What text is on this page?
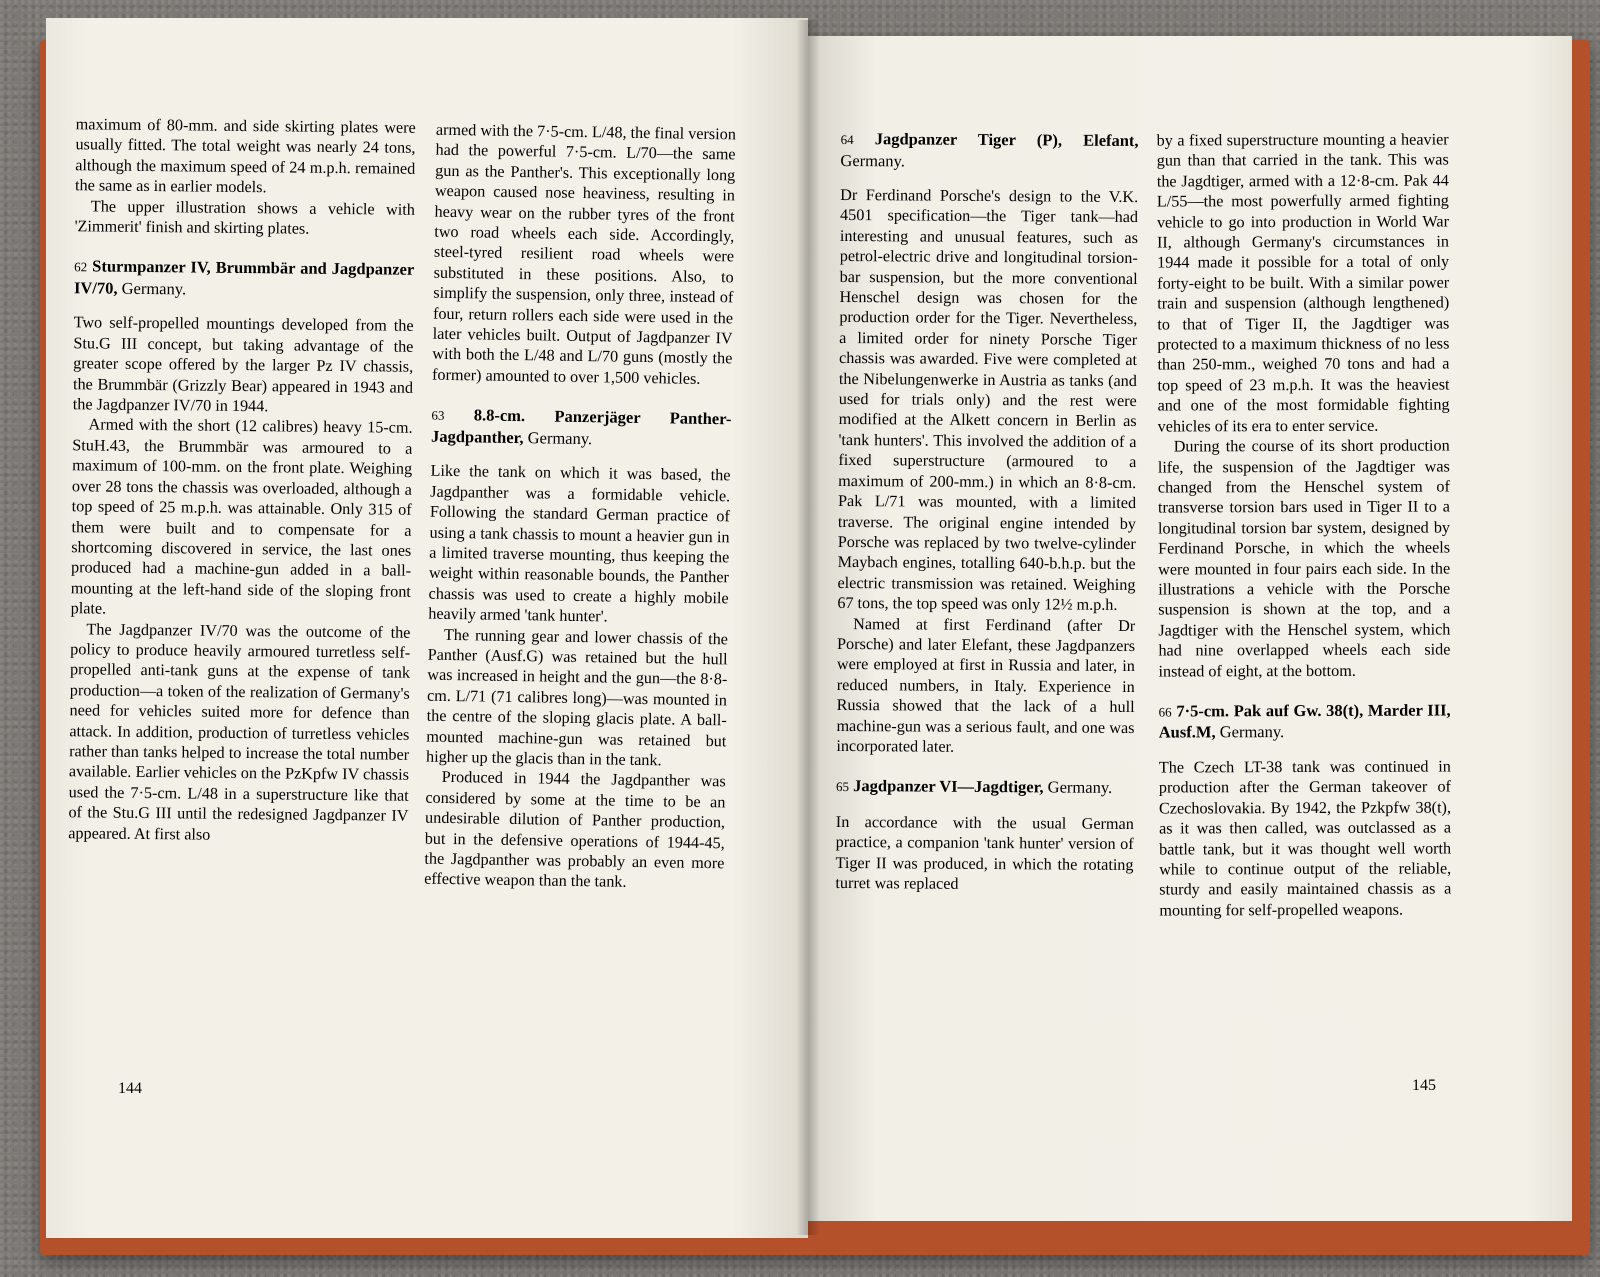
maximum of 80-mm. and side skirting plates were usually fitted. The total weight was nearly 24 tons, although the maximum speed of 24 m.p.h. remained the same as in earlier models.

The upper illustration shows a vehicle with 'Zimmerit' finish and skirting plates.

62 Sturmpanzer IV, Brummbär and Jagdpanzer IV/70, Germany.

Two self-propelled mountings developed from the Stu.G III concept, but taking advantage of the greater scope offered by the larger Pz IV chassis, the Brummbär (Grizzly Bear) appeared in 1943 and the Jagdpanzer IV/70 in 1944.

Armed with the short (12 calibres) heavy 15-cm. StuH.43, the Brummbär was armoured to a maximum of 100-mm. on the front plate. Weighing over 28 tons the chassis was overloaded, although a top speed of 25 m.p.h. was attainable. Only 315 of them were built and to compensate for a shortcoming discovered in service, the last ones produced had a machine-gun added in a ball-mounting at the left-hand side of the sloping front plate.

The Jagdpanzer IV/70 was the outcome of the policy to produce heavily armoured turretless self-propelled anti-tank guns at the expense of tank production—a token of the realization of Germany's need for vehicles suited more for defence than attack. In addition, production of turretless vehicles rather than tanks helped to increase the total number available. Earlier vehicles on the PzKpfw IV chassis used the 7·5-cm. L/48 in a superstructure like that of the Stu.G III until the redesigned Jagdpanzer IV appeared. At first also

armed with the 7·5-cm. L/48, the final version had the powerful 7·5-cm. L/70—the same gun as the Panther's. This exceptionally long weapon caused nose heaviness, resulting in heavy wear on the rubber tyres of the front two road wheels each side. Accordingly, steel-tyred resilient road wheels were substituted in these positions. Also, to simplify the suspension, only three, instead of four, return rollers each side were used in the later vehicles built. Output of Jagdpanzer IV with both the L/48 and L/70 guns (mostly the former) amounted to over 1,500 vehicles.

63 8.8-cm. Panzerjäger Panther-Jagdpanther, Germany.

Like the tank on which it was based, the Jagdpanther was a formidable vehicle. Following the standard German practice of using a tank chassis to mount a heavier gun in a limited traverse mounting, thus keeping the weight within reasonable bounds, the Panther chassis was used to create a highly mobile heavily armed 'tank hunter'.

The running gear and lower chassis of the Panther (Ausf.G) was retained but the hull was increased in height and the gun—the 8·8-cm. L/71 (71 calibres long)—was mounted in the centre of the sloping glacis plate. A ball-mounted machine-gun was retained but higher up the glacis than in the tank.

Produced in 1944 the Jagdpanther was considered by some at the time to be an undesirable dilution of Panther production, but in the defensive operations of 1944-45, the Jagdpanther was probably an even more effective weapon than the tank.

64 Jagdpanzer Tiger (P), Elefant, Germany.

Dr Ferdinand Porsche's design to the V.K. 4501 specification—the Tiger tank—had interesting and unusual features, such as petrol-electric drive and longitudinal torsion-bar suspension, but the more conventional Henschel design was chosen for the production order for the Tiger. Nevertheless, a limited order for ninety Porsche Tiger chassis was awarded. Five were completed at the Nibelungenwerke in Austria as tanks (and used for trials only) and the rest were modified at the Alkett concern in Berlin as 'tank hunters'. This involved the addition of a fixed superstructure (armoured to a maximum of 200-mm.) in which an 8·8-cm. Pak L/71 was mounted, with a limited traverse. The original engine intended by Porsche was replaced by two twelve-cylinder Maybach engines, totalling 640-b.h.p. but the electric transmission was retained. Weighing 67 tons, the top speed was only 12½ m.p.h.

Named at first Ferdinand (after Dr Porsche) and later Elefant, these Jagdpanzers were employed at first in Russia and later, in reduced numbers, in Italy. Experience in Russia showed that the lack of a hull machine-gun was a serious fault, and one was incorporated later.

65 Jagdpanzer VI—Jagdtiger, Germany.

In accordance with the usual German practice, a companion 'tank hunter' version of Tiger II was produced, in which the rotating turret was replaced

by a fixed superstructure mounting a heavier gun than that carried in the tank. This was the Jagdtiger, armed with a 12·8-cm. Pak 44 L/55—the most powerfully armed fighting vehicle to go into production in World War II, although Germany's circumstances in 1944 made it possible for a total of only forty-eight to be built. With a similar power train and suspension (although lengthened) to that of Tiger II, the Jagdtiger was protected to a maximum thickness of no less than 250-mm., weighed 70 tons and had a top speed of 23 m.p.h. It was the heaviest and one of the most formidable fighting vehicles of its era to enter service.

During the course of its short production life, the suspension of the Jagdtiger was changed from the Henschel system of transverse torsion bars used in Tiger II to a longitudinal torsion bar system, designed by Ferdinand Porsche, in which the wheels were mounted in four pairs each side. In the illustrations a vehicle with the Porsche suspension is shown at the top, and a Jagdtiger with the Henschel system, which had nine overlapped wheels each side instead of eight, at the bottom.

66 7·5-cm. Pak auf Gw. 38(t), Marder III, Ausf.M, Germany.

The Czech LT-38 tank was continued in production after the German takeover of Czechoslovakia. By 1942, the Pzkpfw 38(t), as it was then called, was outclassed as a battle tank, but it was thought well worth while to continue output of the reliable, sturdy and easily maintained chassis as a mounting for self-propelled weapons.

144	145
